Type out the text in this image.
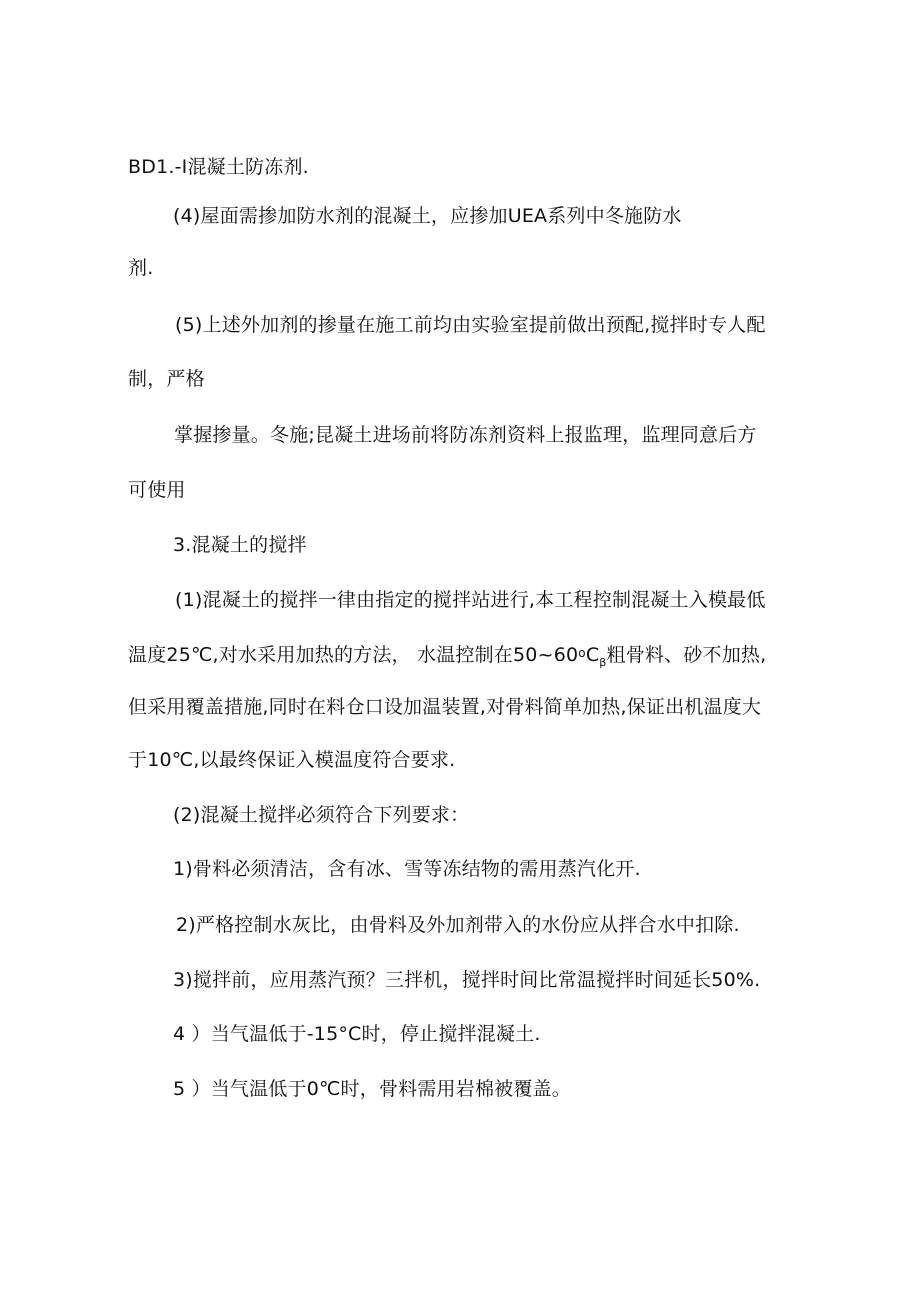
BD1.-I混凝土防冻剂.
(4)屋面需掺加防水剂的混凝土，应掺加UEA系列中冬施防水
剂.
(5)上述外加剂的掺量在施工前均由实验室提前做出预配,搅拌时专人配
制，严格
掌握掺量。冬施;昆凝土进场前将防冻剂资料上报监理，监理同意后方
可使用
3.混凝土的搅拌
(1)混凝土的搅拌一律由指定的搅拌站进行,本工程控制混凝土入模最低
温度25℃,对水采用加热的方法， 水温控制在$50\sim 60^oC_\beta$粗骨料、砂不加热,
但采用覆盖措施,同时在料仓口设加温装置,对骨料简单加热,保证出机温度大
于10℃,以最终保证入模温度符合要求.
(2)混凝土搅拌必须符合下列要求：
1)骨料必须清洁，含有冰、雪等冻结物的需用蒸汽化开.
2)严格控制水灰比，由骨料及外加剂带入的水份应从拌合水中扣除.
3)搅拌前，应用蒸汽预？三拌机，搅拌时间比常温搅拌时间延长50%.
4 ）当气温低于-15°C时，停止搅拌混凝土.
5 ）当气温低于0℃时，骨料需用岩棉被覆盖。
